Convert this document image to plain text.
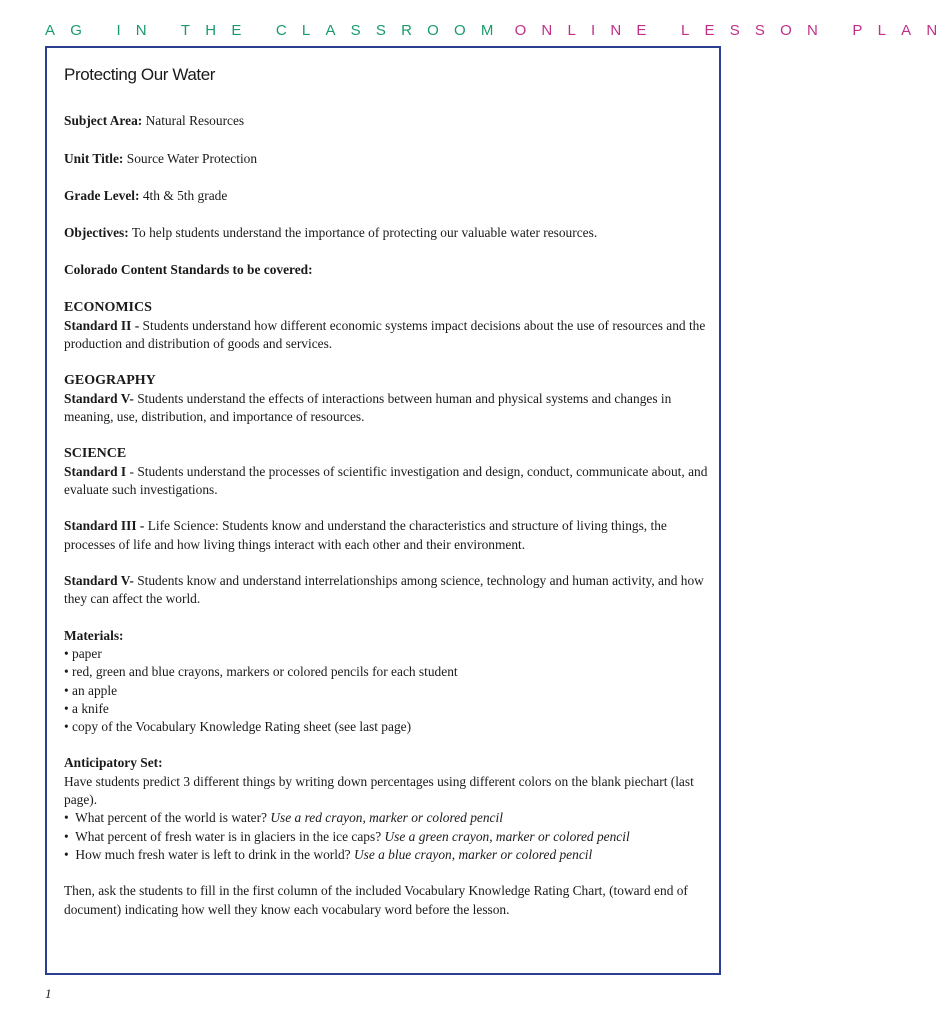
AG IN THE CLASSROOM ONLINE LESSON PLAN
Protecting Our Water
Subject Area: Natural Resources
Unit Title: Source Water Protection
Grade Level: 4th & 5th grade
Objectives: To help students understand the importance of protecting our valuable water resources.
Colorado Content Standards to be covered:
ECONOMICS
Standard II - Students understand how different economic systems impact decisions about the use of resources and the production and distribution of goods and services.
GEOGRAPHY
Standard V- Students understand the effects of interactions between human and physical systems and changes in meaning, use, distribution, and importance of resources.
SCIENCE
Standard I - Students understand the processes of scientific investigation and design, conduct, communicate about, and evaluate such investigations.
Standard III - Life Science: Students know and understand the characteristics and structure of living things, the processes of life and how living things interact with each other and their environment.
Standard V- Students know and understand interrelationships among science, technology and human activity, and how they can affect the world.
Materials:
• paper
• red, green and blue crayons, markers or colored pencils for each student
• an apple
• a knife
• copy of the Vocabulary Knowledge Rating sheet (see last page)
Anticipatory Set:
Have students predict 3 different things by writing down percentages using different colors on the blank piechart (last page).
• What percent of the world is water? Use a red crayon, marker or colored pencil
• What percent of fresh water is in glaciers in the ice caps? Use a green crayon, marker or colored pencil
• How much fresh water is left to drink in the world? Use a blue crayon, marker or colored pencil
Then, ask the students to fill in the first column of the included Vocabulary Knowledge Rating Chart, (toward end of document) indicating how well they know each vocabulary word before the lesson.
1
